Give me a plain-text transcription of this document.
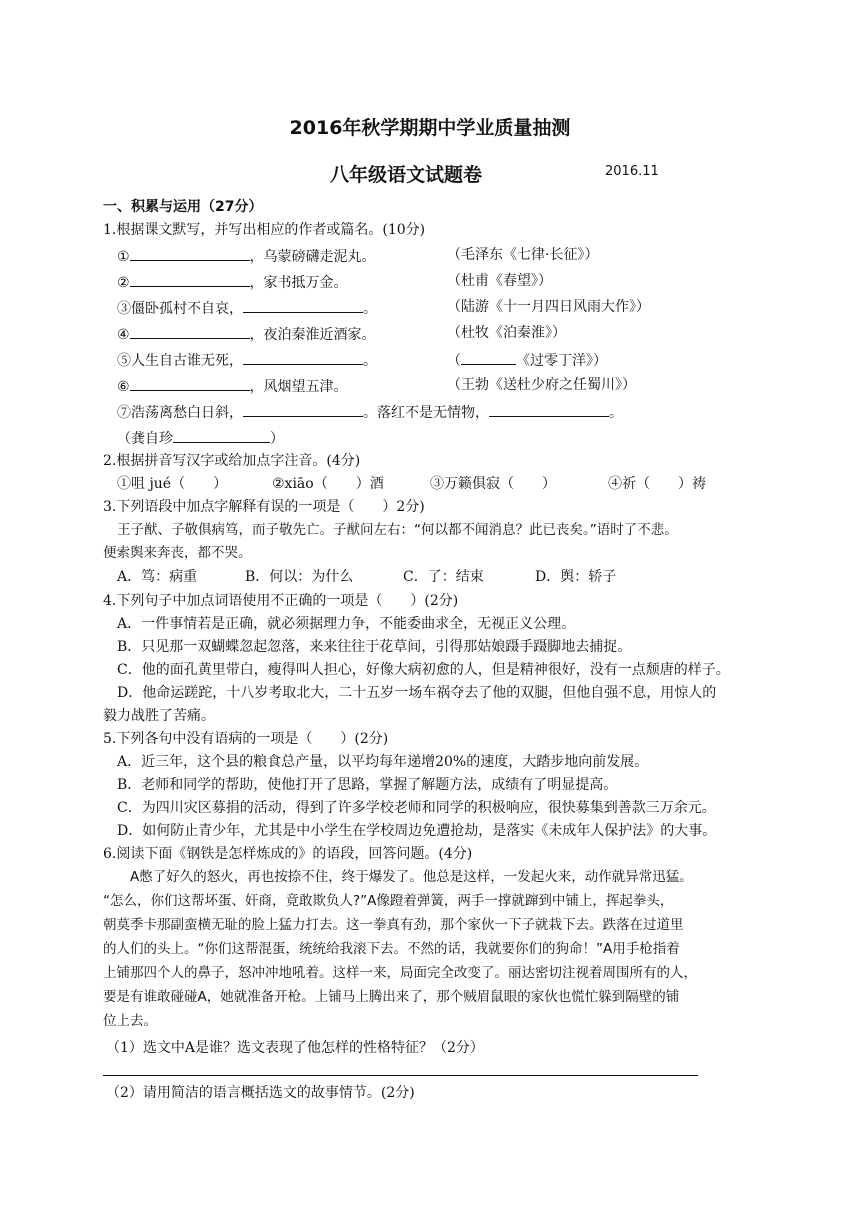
2016年秋学期期中学业质量抽测
八年级语文试题卷	2016.11
一、积累与运用（27分）
1.根据课文默写，并写出相应的作者或篇名。(10分)
①	，乌蒙磅礴走泥丸。	（毛泽东《七律·长征》）
②	，家书抵万金。	（杜甫《春望》）
③僵卧孤村不自哀，	。	（陆游《十一月四日风雨大作》）
④	，夜泊秦淮近酒家。	（杜牧《泊秦淮》）
⑤人生自古谁无死，	。	（	《过零丁洋》）
⑥	，风烟望五津。	（王勃《送杜少府之任蜀川》）
⑦浩荡离愁白日斜，	。落红不是无情物，	。
（龚自珍	）
2.根据拼音写汉字或给加点字注音。(4分)
①咀 jué（　　）	②xiāo（　　）酒	③万籁俱寂（　　）	④祈（　　）祷
3.下列语段中加点字解释有误的一项是（　　）2分)
王子猷、子敬俱病笃，而子敬先亡。子猷问左右：“何以都不闻消息？此已丧矣。”语时了不悲。
便索舆来奔丧，都不哭。
A．笃：病重	B．何以：为什么	C．了：结束	D．舆：轿子
4.下列句子中加点词语使用不正确的一项是（　　）(2分)
A．一件事情若是正确，就必须据理力争，不能委曲求全，无视正义公理。
B．只见那一双蝴蝶忽起忽落，来来往往于花草间，引得那姑娘蹑手蹑脚地去捕捉。
C．他的面孔黄里带白，瘦得叫人担心，好像大病初愈的人，但是精神很好，没有一点颓唐的样子。
D．他命运蹉跎，十八岁考取北大，二十五岁一场车祸夺去了他的双腿，但他自强不息，用惊人的
毅力战胜了苦痛。
5.下列各句中没有语病的一项是（　　）(2分)
A．近三年，这个县的粮食总产量，以平均每年递增20%的速度，大踏步地向前发展。
B．老师和同学的帮助，使他打开了思路，掌握了解题方法，成绩有了明显提高。
C．为四川灾区募捐的活动，得到了许多学校老师和同学的积极响应，很快募集到善款三万余元。
D．如何防止青少年，尤其是中小学生在学校周边免遭抢劫，是落实《未成年人保护法》的大事。
6.阅读下面《钢铁是怎样炼成的》的语段，回答问题。(4分)
　　A憋了好久的怒火，再也按捺不住，终于爆发了。他总是这样，一发起火来，动作就异常迅猛。
“怎么，你们这帮坏蛋、奸商，竟敢欺负人?”A像蹬着弹簧，两手一撑就蹿到中铺上，挥起拳头，
朝莫季卡那副蛮横无耻的脸上猛力打去。这一拳真有劲，那个家伙一下子就栽下去。跌落在过道里
的人们的头上。“你们这帮混蛋，统统给我滚下去。不然的话，我就要你们的狗命！”A用手枪指着
上铺那四个人的鼻子，怒冲冲地吼着。这样一来，局面完全改变了。丽达密切注视着周围所有的人，
要是有谁敢碰碰A，她就准备开枪。上铺马上腾出来了，那个贼眉鼠眼的家伙也慌忙躲到隔壁的铺
位上去。
（1）选文中A是谁？选文表现了他怎样的性格特征？（2分）
（2）请用简洁的语言概括选文的故事情节。(2分)
